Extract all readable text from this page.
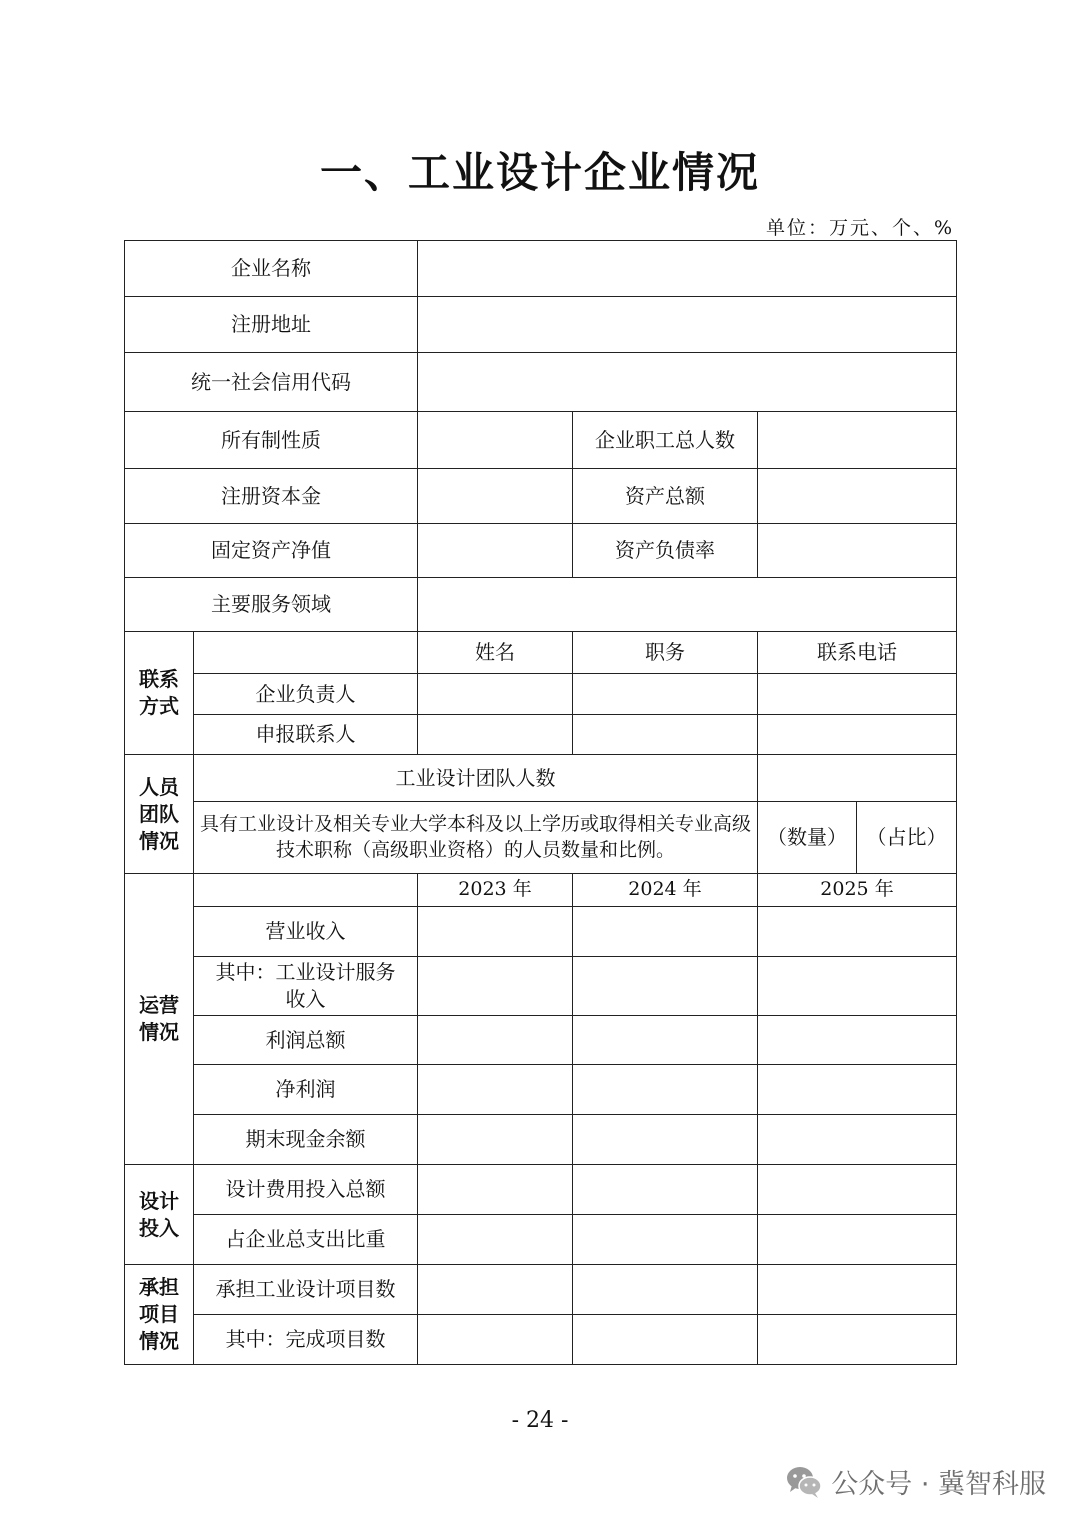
一、工业设计企业情况
单位：万元、个、%
企业名称					
注册地址					
统一社会信用代码					
所有制性质			企业职工总人数		
注册资本金			资产总额		
固定资产净值			资产负债率		
主要服务领域					
联系
方式		姓名	职务	联系电话	
	企业负责人				
	申报联系人				
人员
团队
情况	工业设计团队人数				
	具有工业设计及相关专业大学本科及以上学历或取得相关专业高级技术职称（高级职业资格）的人员数量和比例。			（数量）	（占比）
运营
情况		2023 年	2024 年	2025 年	
	营业收入				
	其中：工业设计服务收入				
	利润总额				
	净利润				
	期末现金余额				
设计
投入	设计费用投入总额				
	占企业总支出比重				
承担
项目
情况	承担工业设计项目数				
	其中：完成项目数				
- 24 -
公众号 · 冀智科服
